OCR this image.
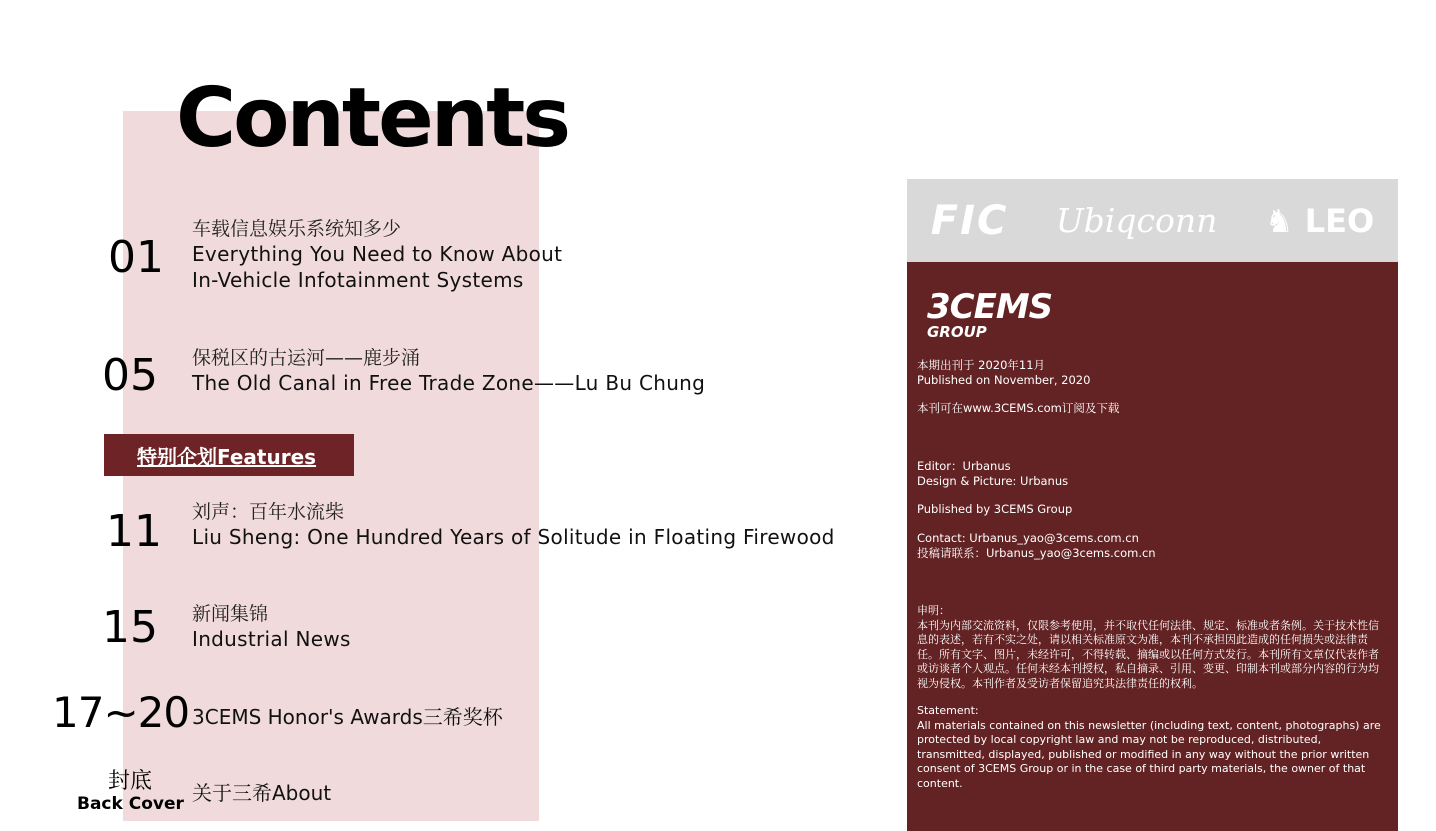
Contents
01
车载信息娱乐系统知多少
Everything You Need to Know About
In-Vehicle Infotainment Systems
05 保税区的古运河——鹿步涌
The Old Canal in Free Trade Zone——Lu Bu Chung
特别企划Features
11 刘声：百年水流柴
Liu Sheng: One Hundred Years of Solitude in Floating Firewood
15 新闻集锦
Industrial News
17~20 3CEMS Honor's Awards三希奖杯
封底
Back Cover 关于三希About
FIC Ubiqconn ♞ LEO
3CEMS
GROUP
本期出刊于 2020年11月
Published on November, 2020
本刊可在www.3CEMS.com订阅及下载
Editor：Urbanus
Design & Picture: Urbanus
Published by 3CEMS Group
Contact: Urbanus_yao@3cems.com.cn
投稿请联系：Urbanus_yao@3cems.com.cn
申明：
本刊为内部交流资料，仅限参考使用，并不取代任何法律、规定、标准或者条例。关于技术性信息的表述，若有不实之处，请以相关标准原文为准，本刊不承担因此造成的任何损失或法律责任。所有文字、图片，未经许可，不得转载、摘编或以任何方式发行。本刊所有文章仅代表作者或访谈者个人观点。任何未经本刊授权，私自摘录、引用、变更、印制本刊或部分内容的行为均视为侵权。本刊作者及受访者保留追究其法律责任的权利。
Statement:
All materials contained on this newsletter (including text, content, photographs) are protected by local copyright law and may not be reproduced, distributed, transmitted, displayed, published or modified in any way without the prior written consent of 3CEMS Group or in the case of third party materials, the owner of that content.
